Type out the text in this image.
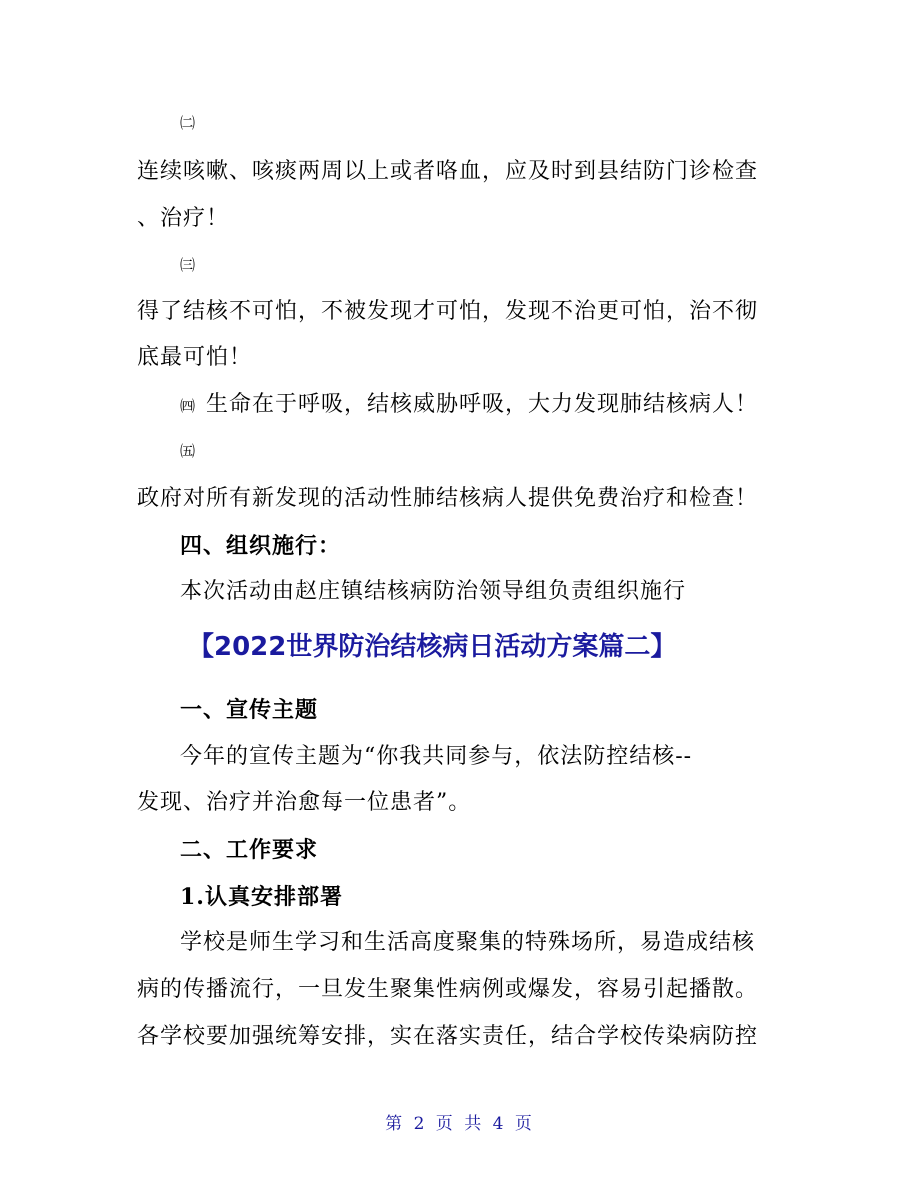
㈡
连续咳嗽、咳痰两周以上或者咯血，应及时到县结防门诊检查
、治疗！
㈢
得了结核不可怕，不被发现才可怕，发现不治更可怕，治不彻
底最可怕！
㈣ 生命在于呼吸，结核威胁呼吸，大力发现肺结核病人！
㈤
政府对所有新发现的活动性肺结核病人提供免费治疗和检查！
四、组织施行：
本次活动由赵庄镇结核病防治领导组负责组织施行
【2022世界防治结核病日活动方案篇二】
一、宣传主题
今年的宣传主题为“你我共同参与，依法防控结核--
发现、治疗并治愈每一位患者”。
二、工作要求
1.认真安排部署
学校是师生学习和生活高度聚集的特殊场所，易造成结核
病的传播流行，一旦发生聚集性病例或爆发，容易引起播散。
各学校要加强统筹安排，实在落实责任，结合学校传染病防控
第 2 页 共 4 页
